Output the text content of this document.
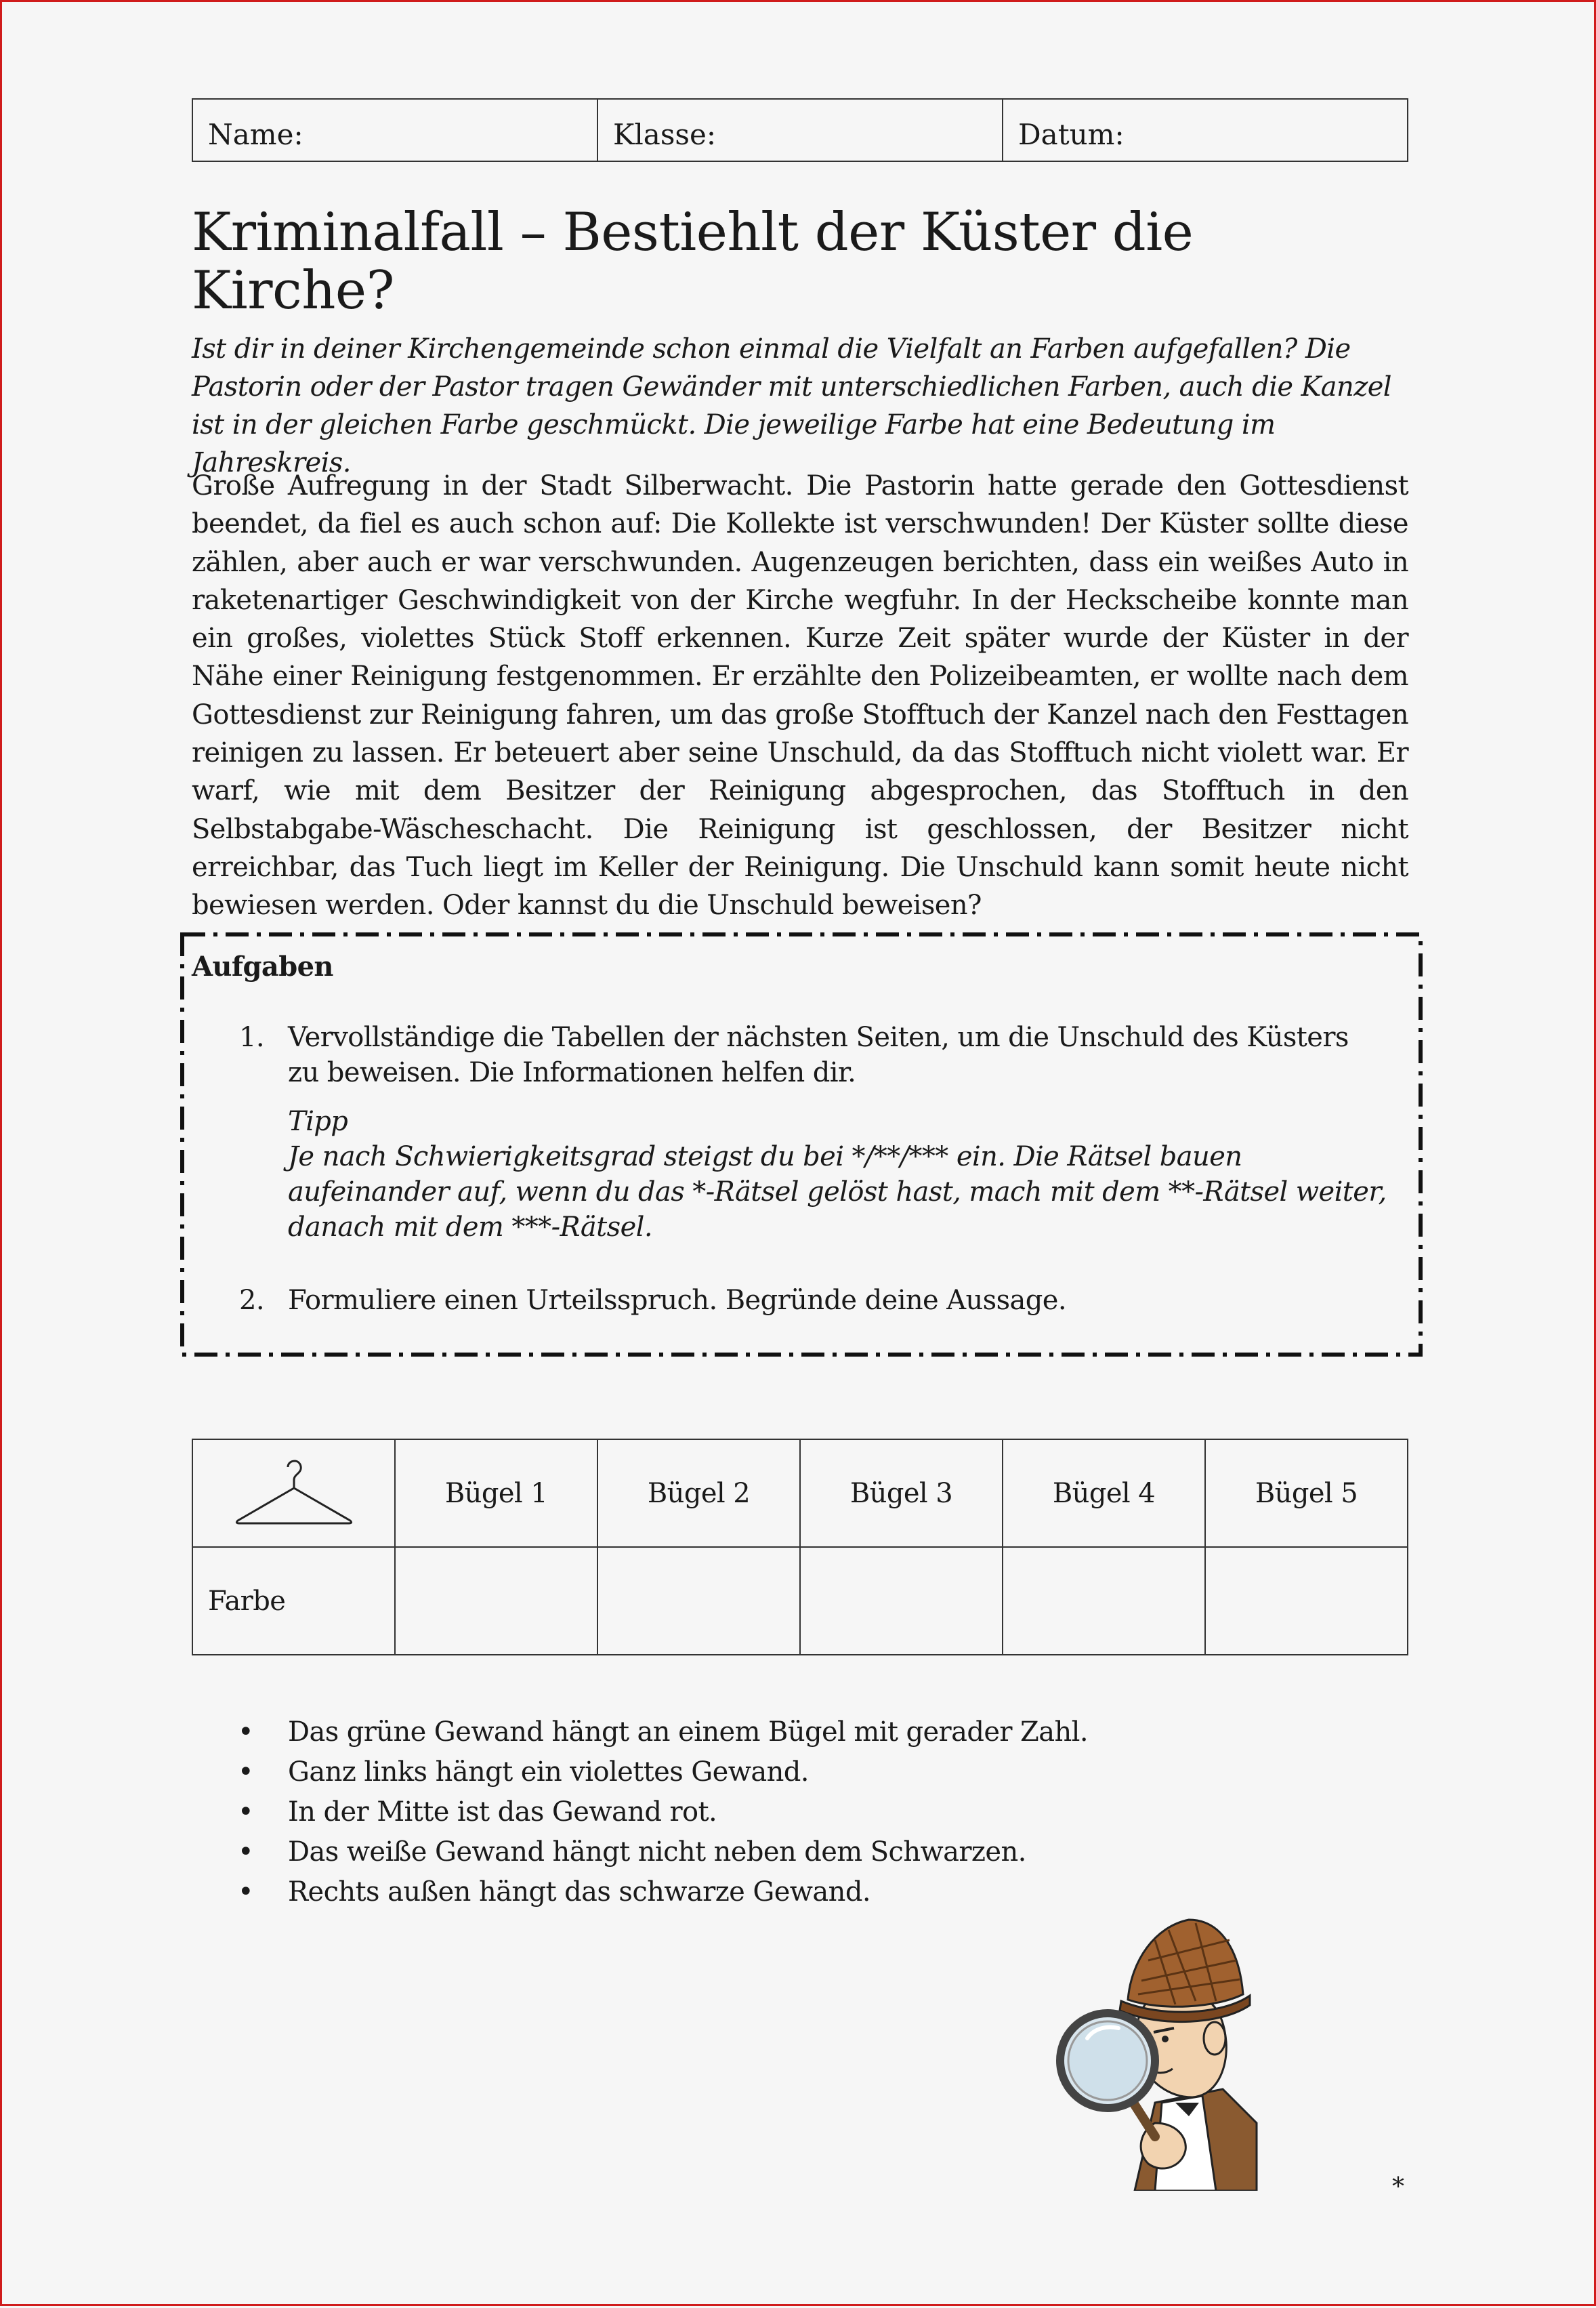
Name:	Klasse:	Datum:
Kriminalfall – Bestiehlt der Küster die Kirche?

Ist dir in deiner Kirchengemeinde schon einmal die Vielfalt an Farben aufgefallen? Die Pastorin oder der Pastor tragen Gewänder mit unterschiedlichen Farben, auch die Kanzel ist in der gleichen Farbe geschmückt. Die jeweilige Farbe hat eine Bedeutung im Jahreskreis.

Große Aufregung in der Stadt Silberwacht. Die Pastorin hatte gerade den Gottesdienst beendet, da fiel es auch schon auf: Die Kollekte ist verschwunden! Der Küster sollte diese zählen, aber auch er war verschwunden. Augenzeugen berichten, dass ein weißes Auto in raketenartiger Geschwindigkeit von der Kirche wegfuhr. In der Heckscheibe konnte man ein großes, violettes Stück Stoff erkennen. Kurze Zeit später wurde der Küster in der Nähe einer Reinigung festgenommen. Er erzählte den Polizeibeamten, er wollte nach dem Gottesdienst zur Reinigung fahren, um das große Stofftuch der Kanzel nach den Festtagen reinigen zu lassen. Er beteuert aber seine Unschuld, da das Stofftuch nicht violett war. Er warf, wie mit dem Besitzer der Reinigung abgesprochen, das Stofftuch in den Selbstabgabe-Wäscheschacht. Die Reinigung ist geschlossen, der Besitzer nicht erreichbar, das Tuch liegt im Keller der Reinigung. Die Unschuld kann somit heute nicht bewiesen werden. Oder kannst du die Unschuld beweisen?

Aufgaben
1. Vervollständige die Tabellen der nächsten Seiten, um die Unschuld des Küsters zu beweisen. Die Informationen helfen dir.
Tipp
Je nach Schwierigkeitsgrad steigst du bei */**/*** ein. Die Rätsel bauen aufeinander auf, wenn du das *-Rätsel gelöst hast, mach mit dem **-Rätsel weiter, danach mit dem ***-Rätsel.
2. Formuliere einen Urteilsspruch. Begründe deine Aussage.
	Bügel 1	Bügel 2	Bügel 3	Bügel 4	Bügel 5
Farbe					
• Das grüne Gewand hängt an einem Bügel mit gerader Zahl.
• Ganz links hängt ein violettes Gewand.
• In der Mitte ist das Gewand rot.
• Das weiße Gewand hängt nicht neben dem Schwarzen.
• Rechts außen hängt das schwarze Gewand.
*
